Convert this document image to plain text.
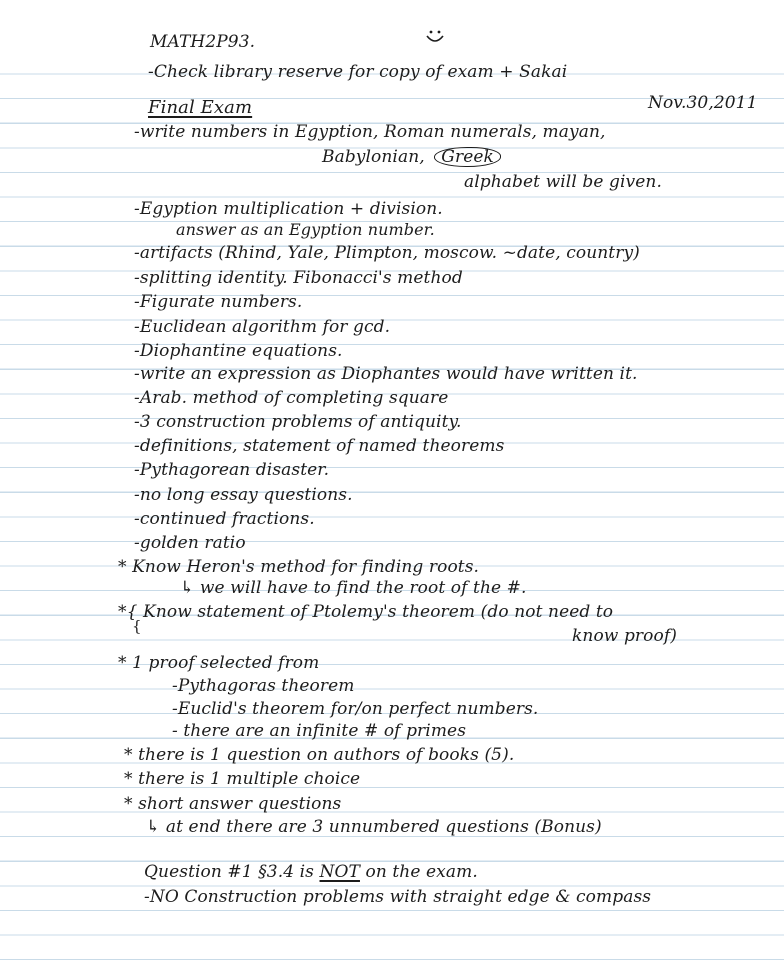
MATH2P93.
-Check library reserve for copy of exam + Sakai
Final Exam	Nov.30,2011
-write numbers in Egyption, Roman numerals, mayan,
Babylonian, Greek
alphabet will be given.
-Egyption multiplication + division.
answer as an Egyption number.
-artifacts (Rhind, Yale, Plimpton, moscow. ~date, country)
-splitting identity. Fibonacci's method
-Figurate numbers.
-Euclidean algorithm for gcd.
-Diophantine equations.
-write an expression as Diophantes would have written it.
-Arab. method of completing square
-3 construction problems of antiquity.
-definitions, statement of named theorems
-Pythagorean disaster.
-no long essay questions.
-continued fractions.
-golden ratio
* Know Heron's method for finding roots.
↳ we will have to find the root of the #.
*{ Know statement of Ptolemy's theorem (do not need to
{	know proof)
* 1 proof selected from
-Pythagoras theorem
-Euclid's theorem for/on perfect numbers.
- there are an infinite # of primes
* there is 1 question on authors of books (5).
* there is 1 multiple choice
* short answer questions
↳ at end there are 3 unnumbered questions (Bonus)
Question #1 §3.4 is NOT on the exam.
-NO Construction problems with straight edge & compass
